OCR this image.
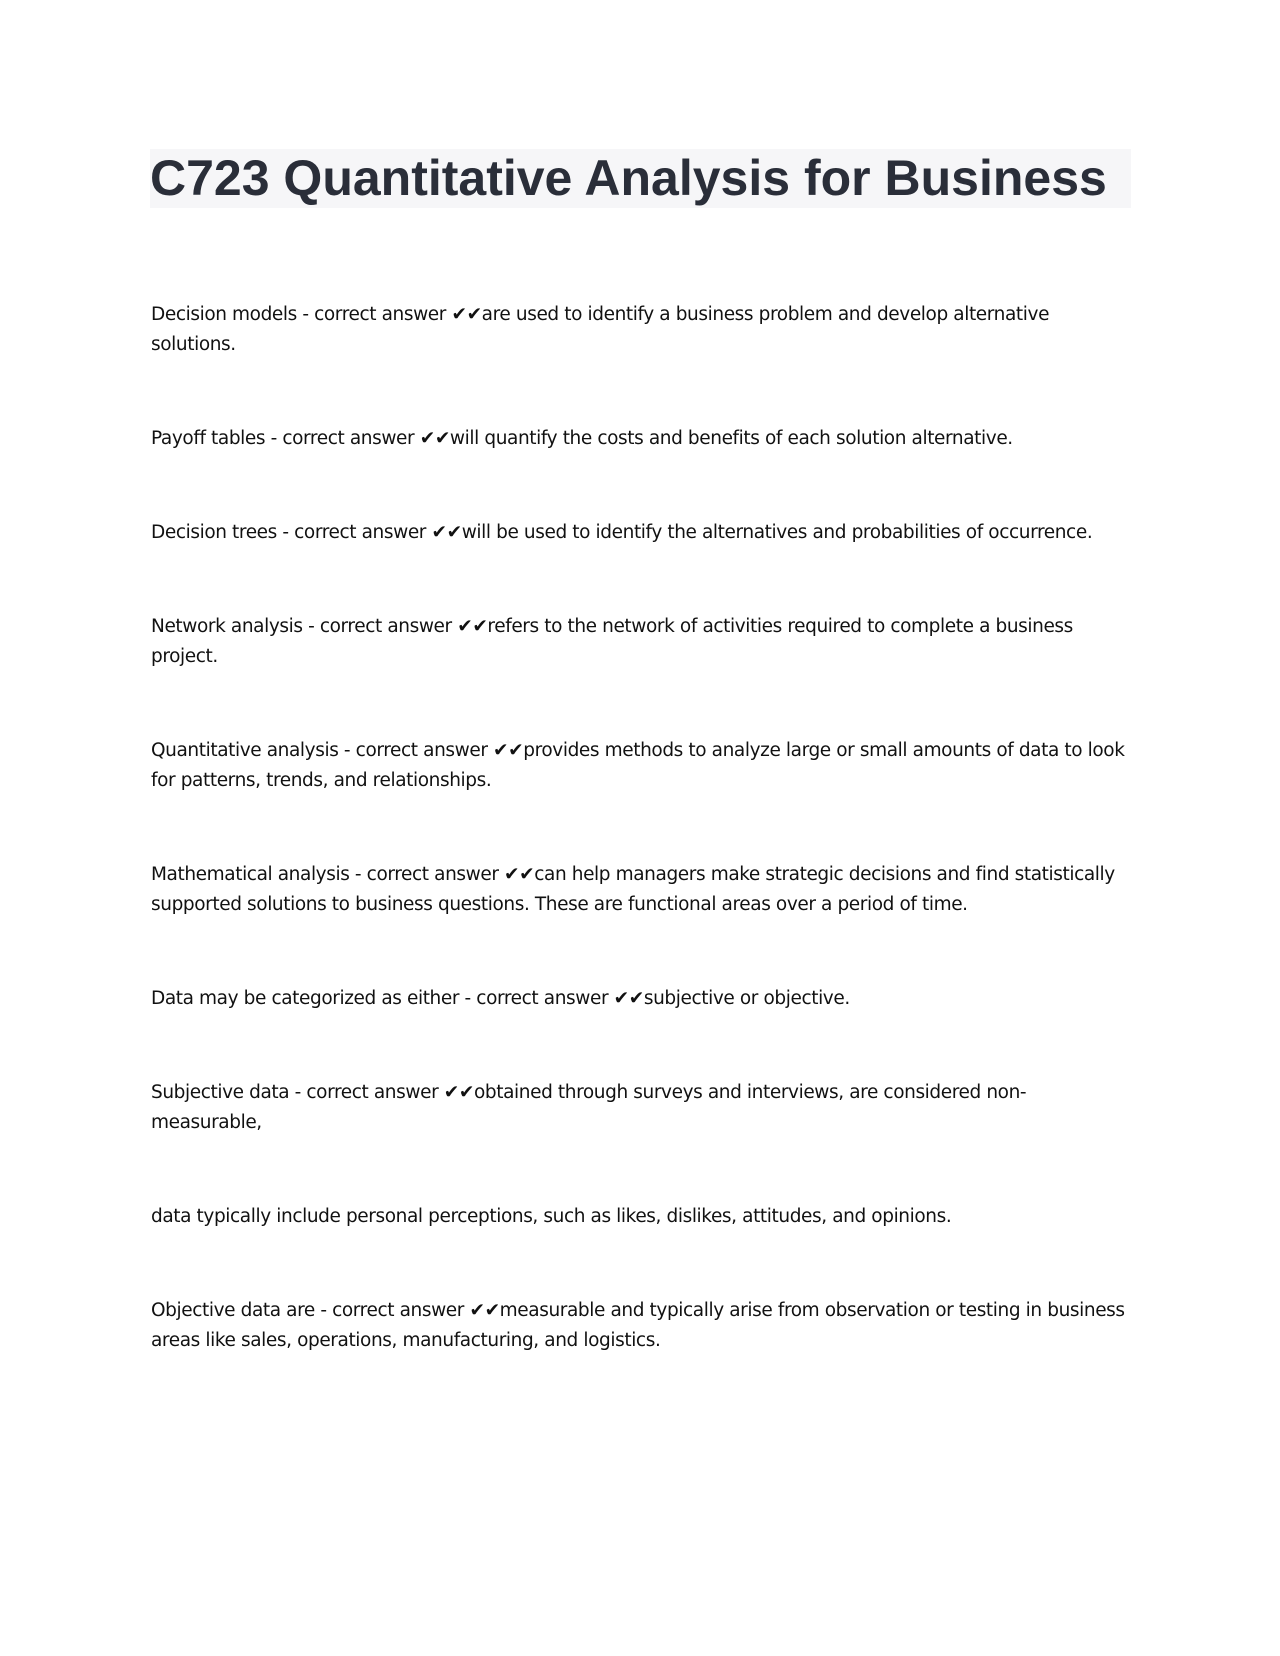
C723 Quantitative Analysis for Business

Decision models - correct answer ✔✔are used to identify a business problem and develop alternative solutions.

Payoff tables - correct answer ✔✔will quantify the costs and benefits of each solution alternative.

Decision trees - correct answer ✔✔will be used to identify the alternatives and probabilities of occurrence.

Network analysis - correct answer ✔✔refers to the network of activities required to complete a business project.

Quantitative analysis - correct answer ✔✔provides methods to analyze large or small amounts of data to look for patterns, trends, and relationships.

Mathematical analysis - correct answer ✔✔can help managers make strategic decisions and find statistically supported solutions to business questions. These are functional areas over a period of time.

Data may be categorized as either - correct answer ✔✔subjective or objective.

Subjective data - correct answer ✔✔obtained through surveys and interviews, are considered non-measurable,

data typically include personal perceptions, such as likes, dislikes, attitudes, and opinions.

Objective data are - correct answer ✔✔measurable and typically arise from observation or testing in business areas like sales, operations, manufacturing, and logistics.
